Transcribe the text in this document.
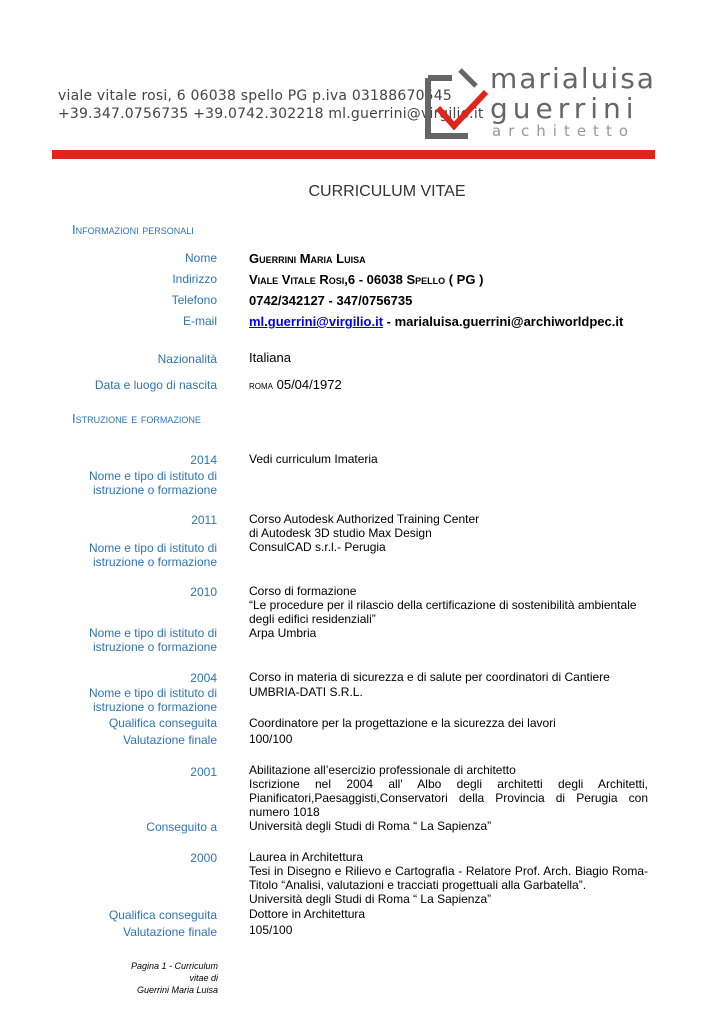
viale vitale rosi, 6 06038 spello PG p.iva 03188670545
+39.347.0756735 +39.0742.302218 ml.guerrini@virgilio.it
marialuisa
guerrini
architetto
CURRICULUM VITAE
Informazioni personali
Nome Guerrini Maria Luisa
Indirizzo Viale Vitale Rosi,6 - 06038 Spello ( PG )
Telefono 0742/342127 - 347/0756735
E-mail ml.guerrini@virgilio.it - marialuisa.guerrini@archiworldpec.it
Nazionalità Italiana
Data e luogo di nascita	roma 05/04/1972
Istruzione e formazione
2014	Vedi curriculum Imateria
Nome e tipo di istituto di istruzione o formazione
2011	Corso Autodesk Authorized Training Center
di Autodesk 3D studio Max Design
ConsulCAD s.r.l.- Perugia
Nome e tipo di istituto di istruzione o formazione
2010	Corso di formazione
“Le procedure per il rilascio della certificazione di sostenibilità ambientale
degli edifici residenziali”
Arpa Umbria
Nome e tipo di istituto di istruzione o formazione
2004	Corso in materia di sicurezza e di salute per coordinatori di Cantiere
Nome e tipo di istituto di istruzione o formazione
UMBRIA-DATI S.R.L.
Qualifica conseguita	Coordinatore per la progettazione e la sicurezza dei lavori
Valutazione finale	100/100
2001	Abilitazione all’esercizio professionale di architetto
Iscrizione nel 2004 all' Albo degli architetti degli Architetti, Pianificatori,Paesaggisti,Conservatori della Provincia di Perugia con numero 1018
Conseguito a	Università degli Studi di Roma “ La Sapienza”
2000	Laurea in Architettura
Tesi in Disegno e Rilievo e Cartografia - Relatore Prof. Arch. Biagio Roma- Titolo “Analisi, valutazioni e tracciati progettuali alla Garbatella”.
Università degli Studi di Roma “ La Sapienza”
Qualifica conseguita	Dottore in Architettura
Valutazione finale	105/100
Pagina 1 - Curriculum vitae di
Guerrini Maria Luisa
